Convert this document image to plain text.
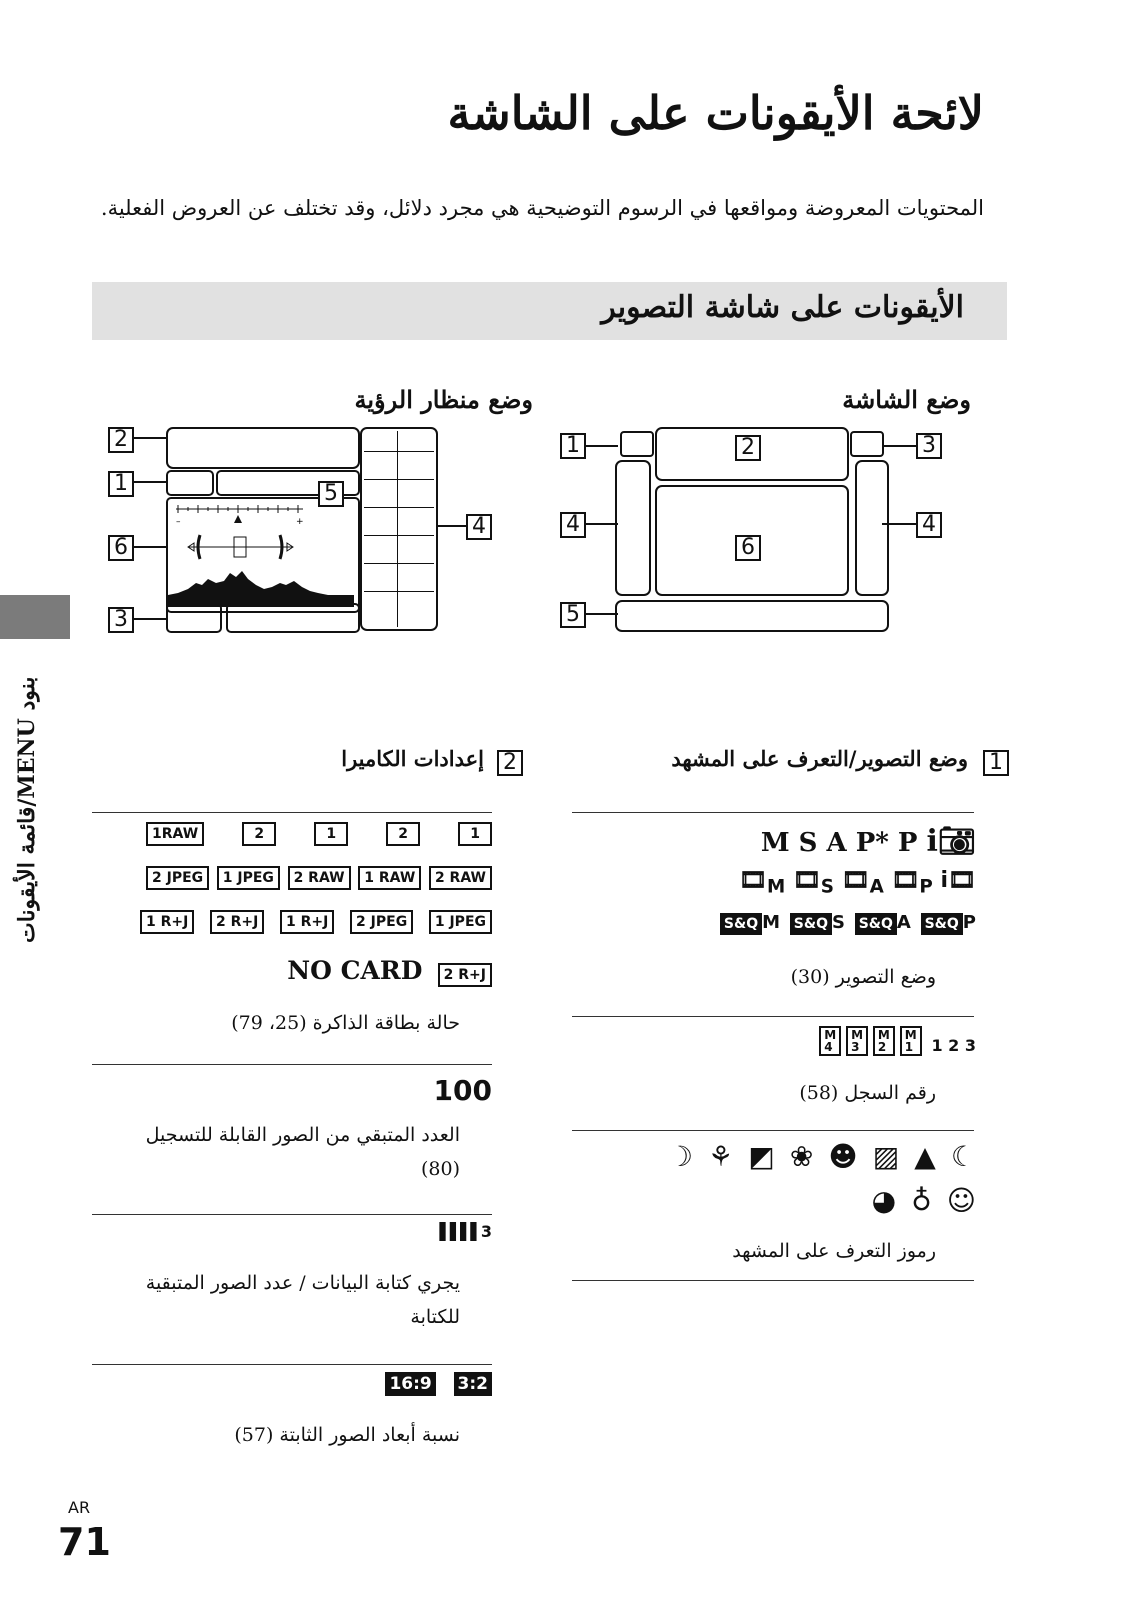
لائحة الأيقونات على الشاشة
المحتويات المعروضة ومواقعها في الرسوم التوضيحية هي مجرد دلائل، وقد تختلف عن العروض الفعلية.
الأيقونات على شاشة التصوير
قائمة الأيقونات/MENU بنود
وضع الشاشة
وضع منظار الرؤية
1	2	3
4	4
6
5
–	+
2
1
6
3
5
4
1
وضع التصوير/التعرف على المشهد
M S A P* P i📷︎
$🎞︎_M$ $🎞︎_S$ $🎞︎_A$ $🎞︎_P$ i🎞︎
S&Q M S&Q S S&Q A S&Q P
وضع التصوير (30)
M
4 M
3 M
2 M
1 1 2 3
رقم السجل (58)
☽ ⚘ ◩ ❀ ☻ ▨ ▲ ☾
◕ ♁ ☺
رموز التعرف على المشهد
2
إعدادات الكاميرا
1RAW	2	1	2	1
2 JPEG	1 JPEG	2 RAW	1 RAW	2 RAW
1 R+J	2 R+J	1 R+J	2 JPEG	1 JPEG
NO CARD 2 R+J
حالة بطاقة الذاكرة (25، 79)
100
العدد المتبقي من الصور القابلة للتسجيل
(80)
▌▌▌▌3
يجري كتابة البيانات / عدد الصور المتبقية
للكتابة
16:9 3:2
نسبة أبعاد الصور الثابتة (57)
AR
71
